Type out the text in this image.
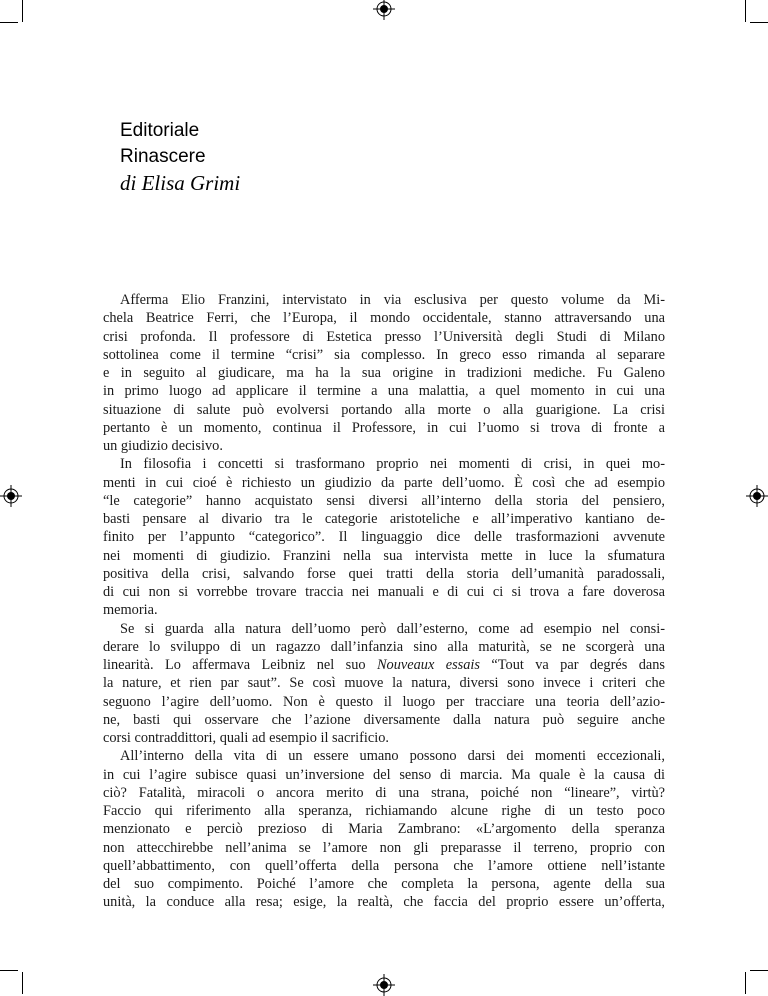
Editoriale
Rinascere
di Elisa Grimi
Afferma Elio Franzini, intervistato in via esclusiva per questo volume da Mi-
chela Beatrice Ferri, che l’Europa, il mondo occidentale, stanno attraversando una
crisi profonda. Il professore di Estetica presso l’Università degli Studi di Milano
sottolinea come il termine “crisi” sia complesso. In greco esso rimanda al separare
e in seguito al giudicare, ma ha la sua origine in tradizioni mediche. Fu Galeno
in primo luogo ad applicare il termine a una malattia, a quel momento in cui una
situazione di salute può evolversi portando alla morte o alla guarigione. La crisi
pertanto è un momento, continua il Professore, in cui l’uomo si trova di fronte a
un giudizio decisivo.
In filosofia i concetti si trasformano proprio nei momenti di crisi, in quei mo-
menti in cui cioé è richiesto un giudizio da parte dell’uomo. È così che ad esempio
“le categorie” hanno acquistato sensi diversi all’interno della storia del pensiero,
basti pensare al divario tra le categorie aristoteliche e all’imperativo kantiano de-
finito per l’appunto “categorico”. Il linguaggio dice delle trasformazioni avvenute
nei momenti di giudizio. Franzini nella sua intervista mette in luce la sfumatura
positiva della crisi, salvando forse quei tratti della storia dell’umanità paradossali,
di cui non si vorrebbe trovare traccia nei manuali e di cui ci si trova a fare doverosa
memoria.
Se si guarda alla natura dell’uomo però dall’esterno, come ad esempio nel consi-
derare lo sviluppo di un ragazzo dall’infanzia sino alla maturità, se ne scorgerà una
linearità. Lo affermava Leibniz nel suo Nouveaux essais “Tout va par degrés dans
la nature, et rien par saut”. Se così muove la natura, diversi sono invece i criteri che
seguono l’agire dell’uomo. Non è questo il luogo per tracciare una teoria dell’azio-
ne, basti qui osservare che l’azione diversamente dalla natura può seguire anche
corsi contraddittori, quali ad esempio il sacrificio.
All’interno della vita di un essere umano possono darsi dei momenti eccezionali,
in cui l’agire subisce quasi un’inversione del senso di marcia. Ma quale è la causa di
ciò? Fatalità, miracoli o ancora merito di una strana, poiché non “lineare”, virtù?
Faccio qui riferimento alla speranza, richiamando alcune righe di un testo poco
menzionato e perciò prezioso di Maria Zambrano: «L’argomento della speranza
non attecchirebbe nell’anima se l’amore non gli preparasse il terreno, proprio con
quell’abbattimento, con quell’offerta della persona che l’amore ottiene nell’istante
del suo compimento. Poiché l’amore che completa la persona, agente della sua
unità, la conduce alla resa; esige, la realtà, che faccia del proprio essere un’offerta,
